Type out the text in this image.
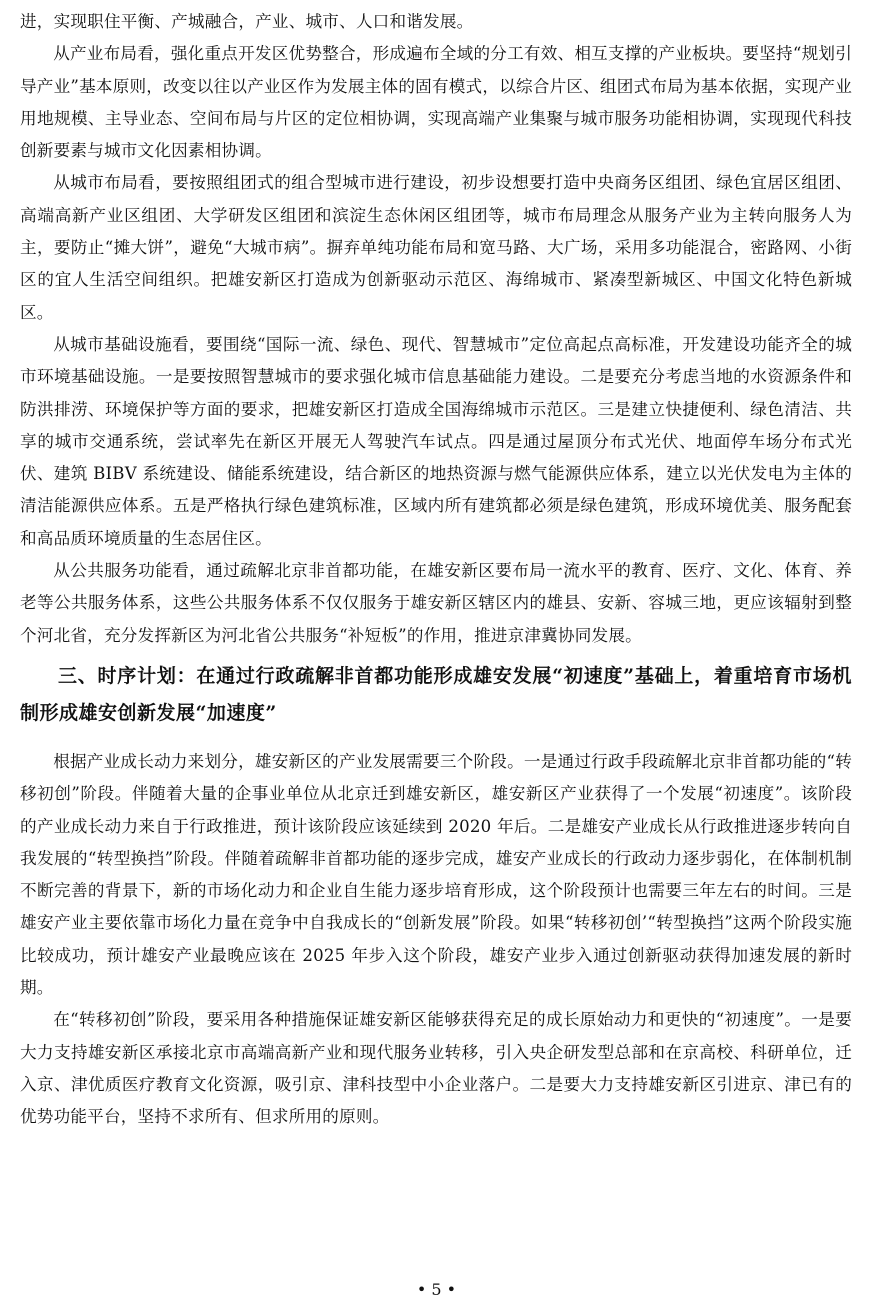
进，实现职住平衡、产城融合，产业、城市、人口和谐发展。

从产业布局看，强化重点开发区优势整合，形成遍布全域的分工有效、相互支撑的产业板块。要坚持“规划引导产业”基本原则，改变以往以产业区作为发展主体的固有模式，以综合片区、组团式布局为基本依据，实现产业用地规模、主导业态、空间布局与片区的定位相协调，实现高端产业集聚与城市服务功能相协调，实现现代科技创新要素与城市文化因素相协调。

从城市布局看，要按照组团式的组合型城市进行建设，初步设想要打造中央商务区组团、绿色宜居区组团、高端高新产业区组团、大学研发区组团和滨淀生态休闲区组团等，城市布局理念从服务产业为主转向服务人为主，要防止“摊大饼”，避免“大城市病”。摒弃单纯功能布局和宽马路、大广场，采用多功能混合，密路网、小街区的宜人生活空间组织。把雄安新区打造成为创新驱动示范区、海绵城市、紧凑型新城区、中国文化特色新城区。

从城市基础设施看，要围绕“国际一流、绿色、现代、智慧城市”定位高起点高标准，开发建设功能齐全的城市环境基础设施。一是要按照智慧城市的要求强化城市信息基础能力建设。二是要充分考虑当地的水资源条件和防洪排涝、环境保护等方面的要求，把雄安新区打造成全国海绵城市示范区。三是建立快捷便利、绿色清洁、共享的城市交通系统，尝试率先在新区开展无人驾驶汽车试点。四是通过屋顶分布式光伏、地面停车场分布式光伏、建筑 BIBV 系统建设、储能系统建设，结合新区的地热资源与燃气能源供应体系，建立以光伏发电为主体的清洁能源供应体系。五是严格执行绿色建筑标准，区域内所有建筑都必须是绿色建筑，形成环境优美、服务配套和高品质环境质量的生态居住区。

从公共服务功能看，通过疏解北京非首都功能，在雄安新区要布局一流水平的教育、医疗、文化、体育、养老等公共服务体系，这些公共服务体系不仅仅服务于雄安新区辖区内的雄县、安新、容城三地，更应该辐射到整个河北省，充分发挥新区为河北省公共服务“补短板”的作用，推进京津冀协同发展。

三、时序计划：在通过行政疏解非首都功能形成雄安发展“初速度”基础上，着重培育市场机制形成雄安创新发展“加速度”

根据产业成长动力来划分，雄安新区的产业发展需要三个阶段。一是通过行政手段疏解北京非首都功能的“转移初创”阶段。伴随着大量的企事业单位从北京迁到雄安新区，雄安新区产业获得了一个发展“初速度”。该阶段的产业成长动力来自于行政推进，预计该阶段应该延续到 2020 年后。二是雄安产业成长从行政推进逐步转向自我发展的“转型换挡”阶段。伴随着疏解非首都功能的逐步完成，雄安产业成长的行政动力逐步弱化，在体制机制不断完善的背景下，新的市场化动力和企业自生能力逐步培育形成，这个阶段预计也需要三年左右的时间。三是雄安产业主要依靠市场化力量在竞争中自我成长的“创新发展”阶段。如果“转移初创’“转型换挡”这两个阶段实施比较成功，预计雄安产业最晚应该在 2025 年步入这个阶段，雄安产业步入通过创新驱动获得加速发展的新时期。

在“转移初创”阶段，要采用各种措施保证雄安新区能够获得充足的成长原始动力和更快的“初速度”。一是要大力支持雄安新区承接北京市高端高新产业和现代服务业转移，引入央企研发型总部和在京高校、科研单位，迁入京、津优质医疗教育文化资源，吸引京、津科技型中小企业落户。二是要大力支持雄安新区引进京、津已有的优势功能平台，坚持不求所有、但求所用的原则。

• 5 •
